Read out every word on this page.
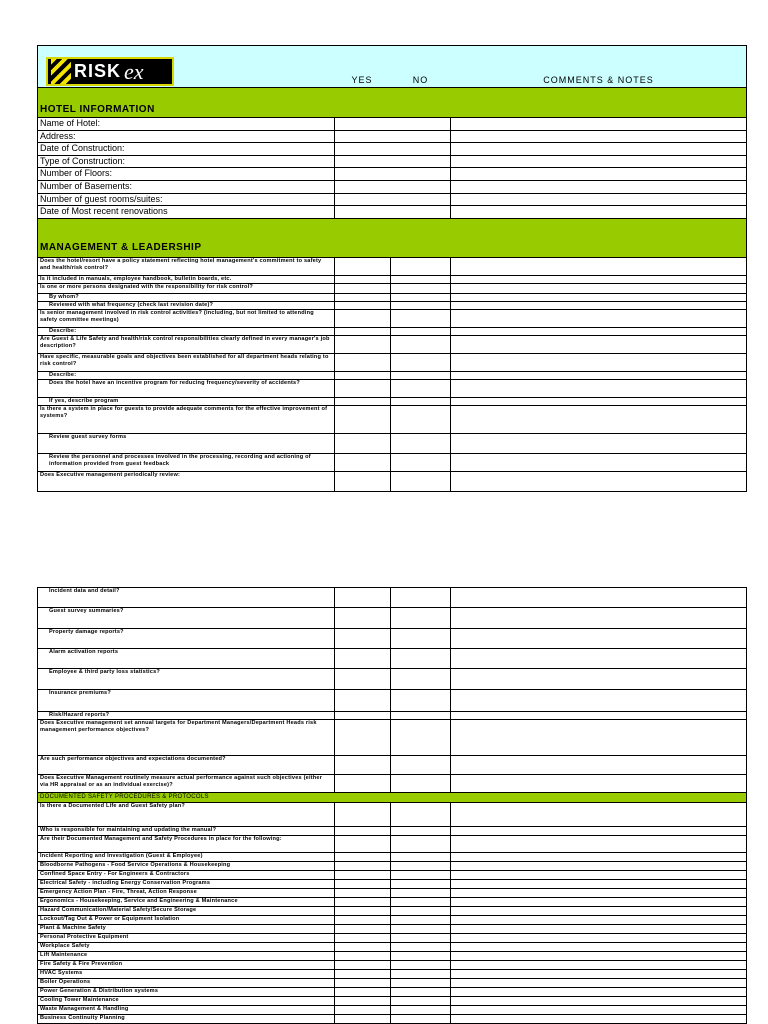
RISK ex	YES	NO	COMMENTS & NOTES

HOTEL INFORMATION			

Name of Hotel:			
Address:			
Date of Construction:			
Type of Construction:			
Number of Floors:			
Number of Basements:			
Number of guest rooms/suites:			
Date of Most recent renovations			

MANAGEMENT & LEADERSHIP			

Does the hotel/resort have a policy statement reflecting hotel management's commitment to safety and health/risk control?			
Is it included in manuals, employee handbook, bulletin boards, etc.			
Is one or more persons designated with the responsibility for risk control?			
By whom?			
Reviewed with what frequency (check last revision date)?			
Is senior management involved in risk control activities? (including, but not limited to attending safety committee meetings)			
Describe:			
Are Guest & Life Safety and health/risk control responsibilities clearly defined in every manager's job description?			
Have specific, measurable goals and objectives been established for all department heads relating to risk control?			
Describe:			
Does the hotel have an incentive program for reducing frequency/severity of accidents?			
If yes, describe program			
Is there a system in place for guests to provide adequate comments for the effective improvement of systems?			
Review guest survey forms			
Review the personnel and processes involved in the processing, recording and actioning of information provided from guest feedback			
Does Executive management periodically review:			
Incident data and detail?			
Guest survey summaries?			
Property damage reports?			
Alarm activation reports			
Employee & third party loss statistics?			
Insurance premiums?			
Risk/Hazard reports?			
Does Executive management set annual targets for Department Managers/Department Heads risk management performance objectives?			
Are such performance objectives and expectations documented?			
Does Executive Management routinely measure actual performance against such objectives (either via HR appraisal or as an individual exercise)?			

DOCUMENTED SAFETY PROCEDURES & PROTOCOLS			

Is there a Documented Life and Guest Safety plan?			
Who is responsible for maintaining and updating the manual?			
Are their Documented Management and Safety Procedures in place for the following:			
Incident Reporting and Investigation (Guest & Employee)			
Bloodborne Pathogens - Food Service Operations & Housekeeping			
Confined Space Entry - For Engineers & Contractors			
Electrical Safety - including Energy Conservation Programs			
Emergency Action Plan - Fire, Threat, Action Response			
Ergonomics - Housekeeping, Service and Engineering & Maintenance			
Hazard Communication/Material Safety/Secure Storage			
Lockout/Tag Out & Power or Equipment Isolation			
Plant & Machine Safety			
Personal Protective Equipment			
Workplace Safety			
Lift Maintenance			
Fire Safety & Fire Prevention			
HVAC Systems			
Boiler Operations			
Power Generation & Distribution systems			
Cooling Tower Maintenance			
Waste Management & Handling			
Business Continuity Planning			
